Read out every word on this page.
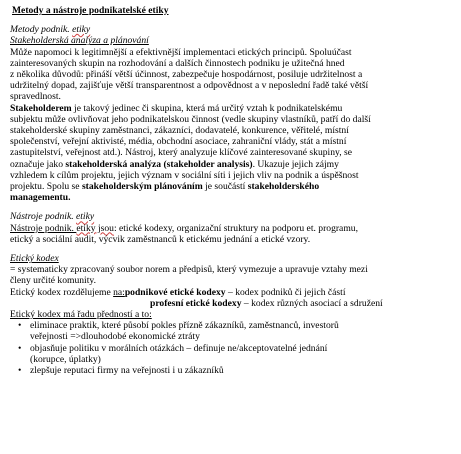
Metody a nástroje podnikatelské etiky
Metody podnik. etiky
Stakeholderská analýza a plánování
Může napomoci k legitimnější a efektivnější implementaci etických principů. Spoluúčast
zainteresovaných skupin na rozhodování a dalších činnostech podniku je užitečná hned
z několika důvodů: přináší větší účinnost, zabezpečuje hospodárnost, posiluje udržitelnost a
udržitelný dopad, zajišťuje větší transparentnost a odpovědnost a v neposlední řadě také větší
spravedlnost.
Stakeholderem je takový jedinec či skupina, která má určitý vztah k podnikatelskému
subjektu může ovlivňovat jeho podnikatelskou činnost (vedle skupiny vlastníků, patří do další
stakeholderské skupiny zaměstnanci, zákazníci, dodavatelé, konkurence, věřitelé, místní
společenství, veřejní aktivisté, média, obchodní asociace, zahraniční vlády, stát a místní
zastupitelství, veřejnost atd.). Nástroj, který analyzuje klíčové zainteresované skupiny, se
označuje jako stakeholderská analýza (stakeholder analysis). Ukazuje jejich zájmy
vzhledem k cílům projektu, jejich význam v sociální síti i jejich vliv na podnik a úspěšnost
projektu. Spolu se stakeholderským plánováním je součástí stakeholderského
managementu.
Nástroje podnik. etiky
Nástroje podnik. etiky jsou: etické kodexy, organizační struktury na podporu et. programu,
etický a sociální audit, výcvik zaměstnanců k etickému jednání a etické vzory.
Etický kodex
= systematicky zpracovaný soubor norem a předpisů, který vymezuje a upravuje vztahy mezi
členy určité komunity.
Etický kodex rozdělujeme na:podnikové etické kodexy – kodex podniků či jejich částí
profesní etické kodexy – kodex různých asociací a sdružení
Etický kodex má řadu předností a to:
• eliminace praktik, které působí pokles přízně zákazníků, zaměstnanců, investorů
veřejnosti =>dlouhodobé ekonomické ztráty
• objasňuje politiku v morálních otázkách – definuje ne/akceptovatelné jednání
(korupce, úplatky)
• zlepšuje reputaci firmy na veřejnosti i u zákazníků
